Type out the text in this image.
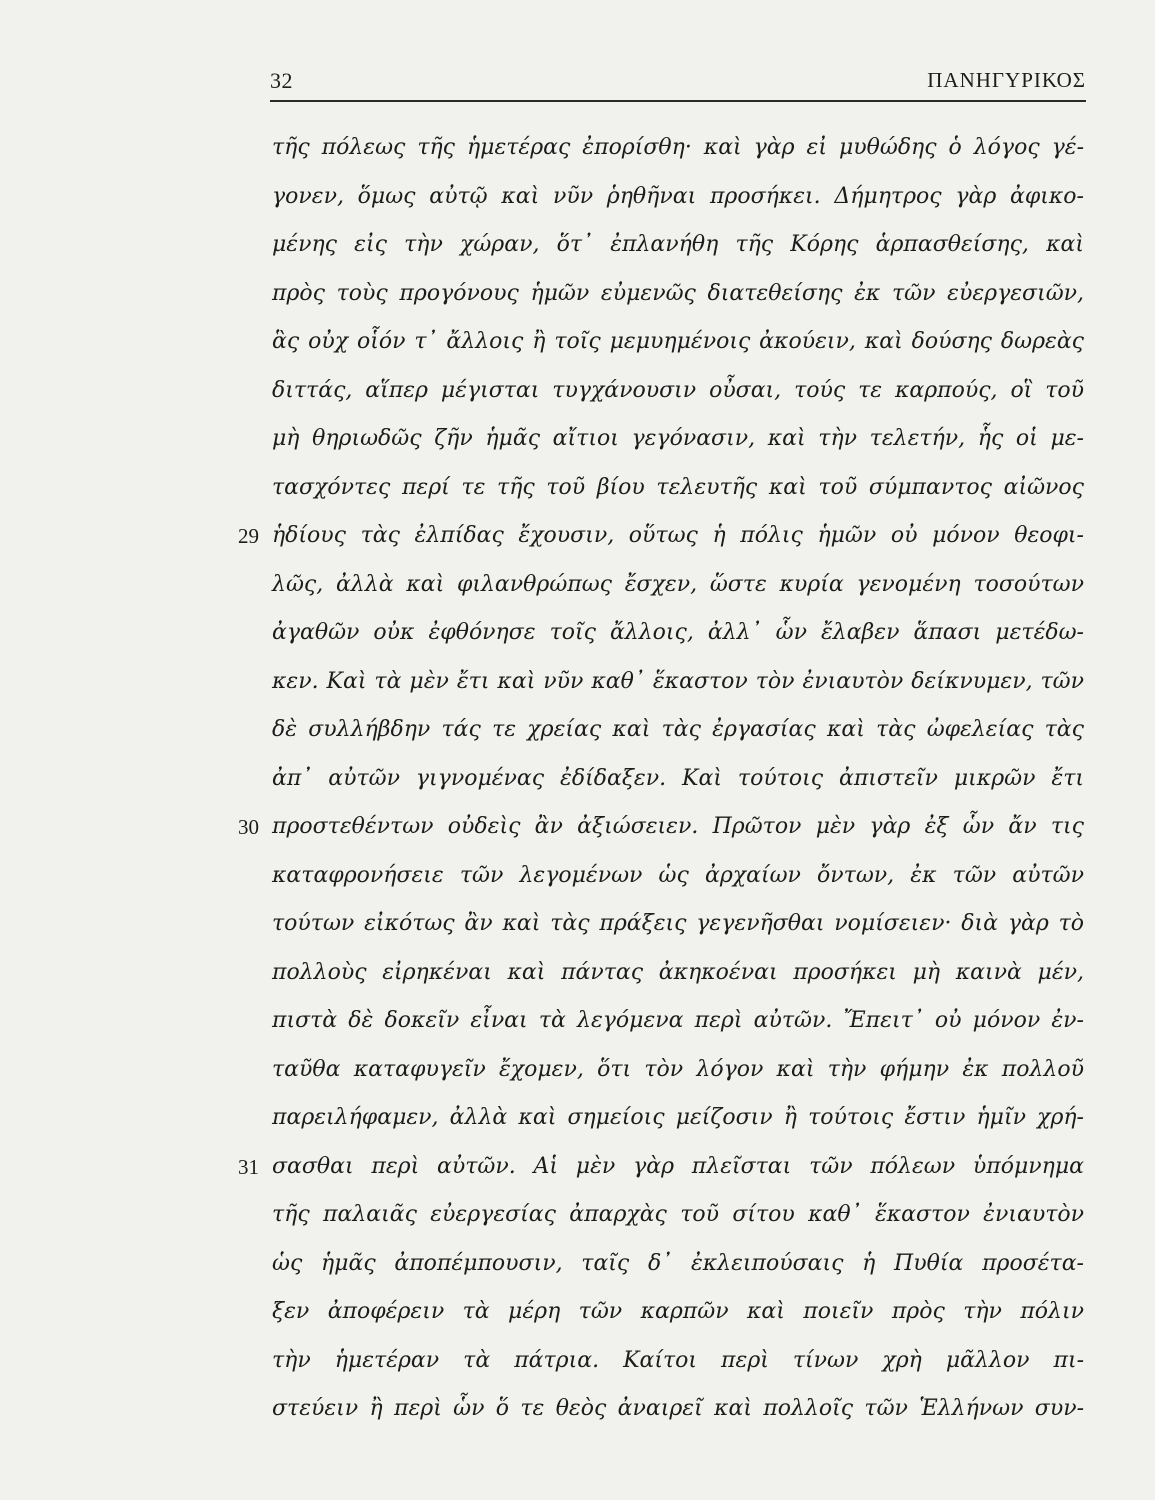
32	ΠΑΝΗΓΥΡΙΚΟΣ
τῆς πόλεως τῆς ἡμετέρας ἐπορίσθη· καὶ γὰρ εἰ μυθώδης ὁ λόγος γέ-
γονεν, ὅμως αὐτῷ καὶ νῦν ῥηθῆναι προσήκει. Δήμητρος γὰρ ἀφικο-
μένης εἰς τὴν χώραν, ὅτ᾽ ἐπλανήθη τῆς Κόρης ἁρπασθείσης, καὶ
πρὸς τοὺς προγόνους ἡμῶν εὐμενῶς διατεθείσης ἐκ τῶν εὐεργεσιῶν,
ἃς οὐχ οἷόν τ᾽ ἄλλοις ἢ τοῖς μεμυημένοις ἀκούειν, καὶ δούσης δωρεὰς
διττάς, αἵπερ μέγισται τυγχάνουσιν οὖσαι, τούς τε καρπούς, οἳ τοῦ
μὴ θηριωδῶς ζῆν ἡμᾶς αἴτιοι γεγόνασιν, καὶ τὴν τελετήν, ἧς οἱ με-
τασχόντες περί τε τῆς τοῦ βίου τελευτῆς καὶ τοῦ σύμπαντος αἰῶνος
29 ἡδίους τὰς ἐλπίδας ἔχουσιν, οὕτως ἡ πόλις ἡμῶν οὐ μόνον θεοφι-
λῶς, ἀλλὰ καὶ φιλανθρώπως ἔσχεν, ὥστε κυρία γενομένη τοσούτων
ἀγαθῶν οὐκ ἐφθόνησε τοῖς ἄλλοις, ἀλλ᾽ ὧν ἔλαβεν ἅπασι μετέδω-
κεν. Καὶ τὰ μὲν ἔτι καὶ νῦν καθ᾽ ἕκαστον τὸν ἐνιαυτὸν δείκνυμεν, τῶν
δὲ συλλήβδην τάς τε χρείας καὶ τὰς ἐργασίας καὶ τὰς ὠφελείας τὰς
ἀπ᾽ αὐτῶν γιγνομένας ἐδίδαξεν. Καὶ τούτοις ἀπιστεῖν μικρῶν ἔτι
30 προστεθέντων οὐδεὶς ἂν ἀξιώσειεν. Πρῶτον μὲν γὰρ ἐξ ὧν ἄν τις
καταφρονήσειε τῶν λεγομένων ὡς ἀρχαίων ὄντων, ἐκ τῶν αὐτῶν
τούτων εἰκότως ἂν καὶ τὰς πράξεις γεγενῆσθαι νομίσειεν· διὰ γὰρ τὸ
πολλοὺς εἰρηκέναι καὶ πάντας ἀκηκοέναι προσήκει μὴ καινὰ μέν,
πιστὰ δὲ δοκεῖν εἶναι τὰ λεγόμενα περὶ αὐτῶν. Ἔπειτ᾽ οὐ μόνον ἐν-
ταῦθα καταφυγεῖν ἔχομεν, ὅτι τὸν λόγον καὶ τὴν φήμην ἐκ πολλοῦ
παρειλήφαμεν, ἀλλὰ καὶ σημείοις μείζοσιν ἢ τούτοις ἔστιν ἡμῖν χρή-
31 σασθαι περὶ αὐτῶν. Αἱ μὲν γὰρ πλεῖσται τῶν πόλεων ὑπόμνημα
τῆς παλαιᾶς εὐεργεσίας ἀπαρχὰς τοῦ σίτου καθ᾽ ἕκαστον ἐνιαυτὸν
ὡς ἡμᾶς ἀποπέμπουσιν, ταῖς δ᾽ ἐκλειπούσαις ἡ Πυθία προσέτα-
ξεν ἀποφέρειν τὰ μέρη τῶν καρπῶν καὶ ποιεῖν πρὸς τὴν πόλιν
τὴν ἡμετέραν τὰ πάτρια. Καίτοι περὶ τίνων χρὴ μᾶλλον πι-
στεύειν ἢ περὶ ὧν ὅ τε θεὸς ἀναιρεῖ καὶ πολλοῖς τῶν Ἑλλήνων συν-
